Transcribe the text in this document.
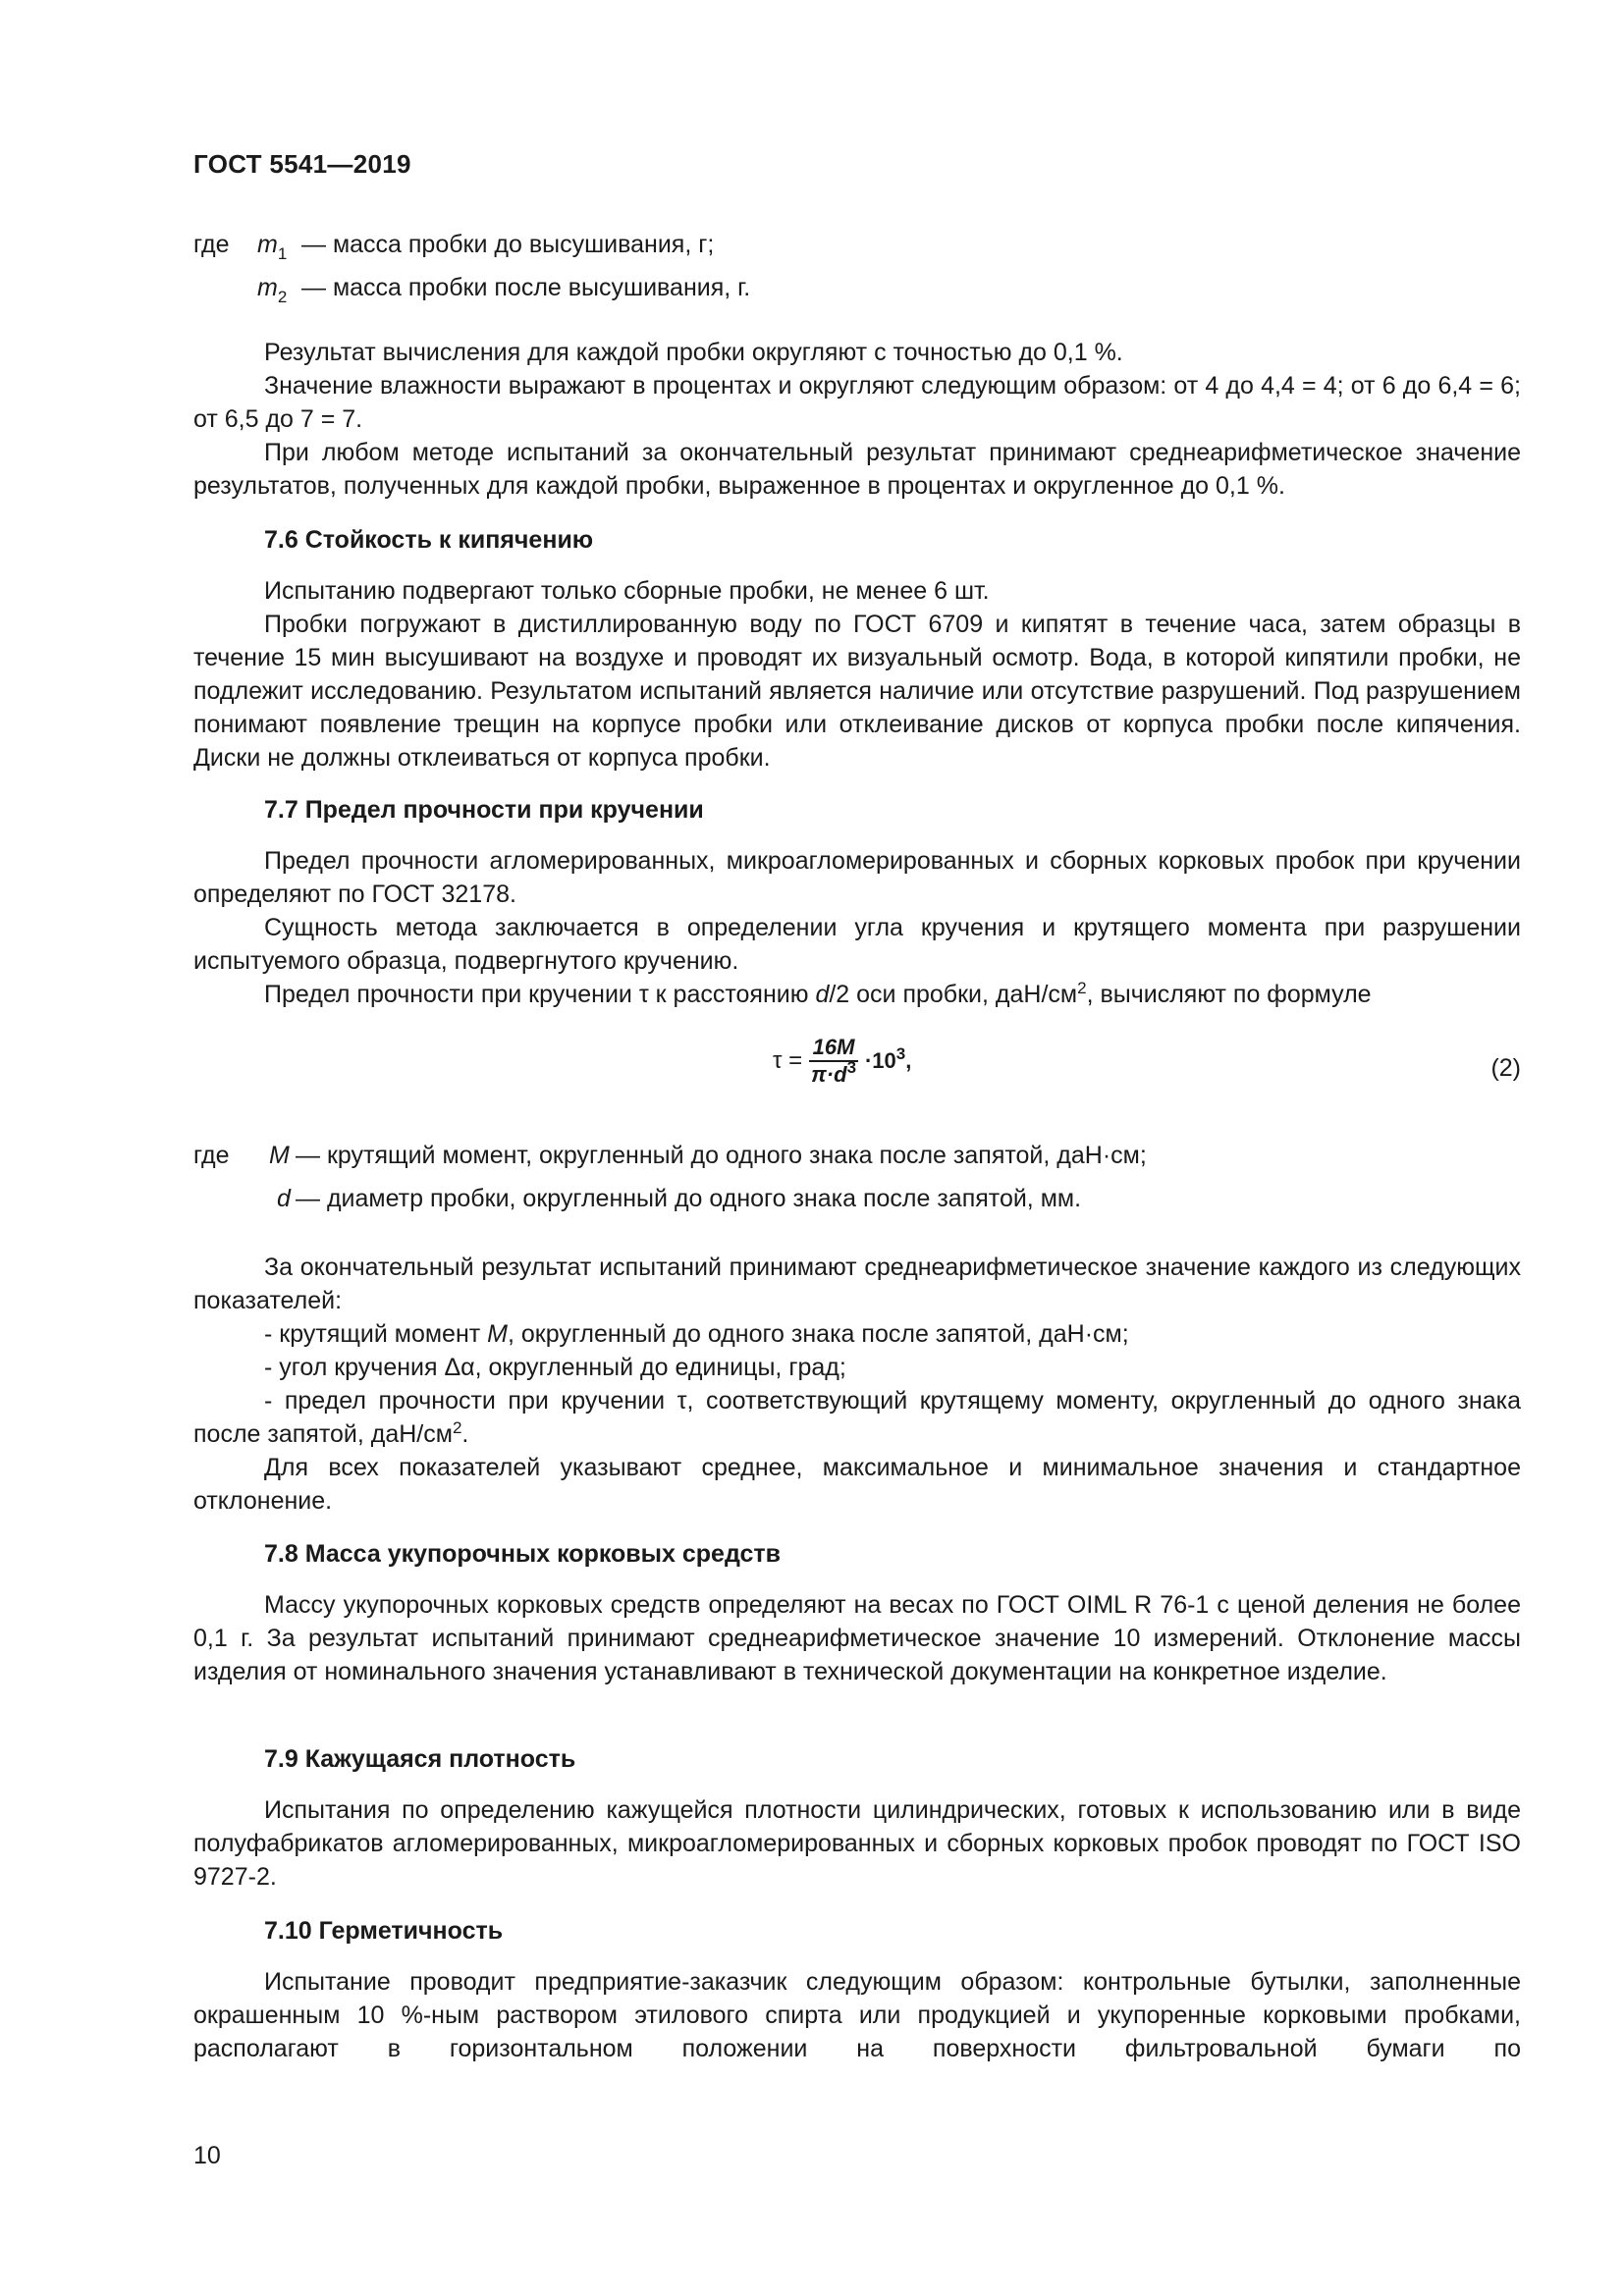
ГОСТ 5541—2019
где $m_1$ — масса пробки до высушивания, г;
$m_2$ — масса пробки после высушивания, г.

Результат вычисления для каждой пробки округляют с точностью до 0,1 %.

Значение влажности выражают в процентах и округляют следующим образом: от 4 до 4,4 = 4; от 6 до 6,4 = 6; от 6,5 до 7 = 7.

При любом методе испытаний за окончательный результат принимают среднеарифметическое значение результатов, полученных для каждой пробки, выраженное в процентах и округленное до 0,1 %.

7.6 Стойкость к кипячению

Испытанию подвергают только сборные пробки, не менее 6 шт.

Пробки погружают в дистиллированную воду по ГОСТ 6709 и кипятят в течение часа, затем образцы в течение 15 мин высушивают на воздухе и проводят их визуальный осмотр. Вода, в которой кипятили пробки, не подлежит исследованию. Результатом испытаний является наличие или отсутствие разрушений. Под разрушением понимают появление трещин на корпусе пробки или отклеивание дисков от корпуса пробки после кипячения. Диски не должны отклеиваться от корпуса пробки.

7.7 Предел прочности при кручении

Предел прочности агломерированных, микроагломерированных и сборных корковых пробок при кручении определяют по ГОСТ 32178.

Сущность метода заключается в определении угла кручения и крутящего момента при разрушении испытуемого образца, подвергнутого кручению.

Предел прочности при кручении τ к расстоянию d/2 оси пробки, даН/$см^2$, вычисляют по формуле

$\tau = \frac{16M}{\pi\cdot d^3} \cdot 10^3$,	(2)
где M — крутящий момент, округленный до одного знака после запятой, даН·см;
d — диаметр пробки, округленный до одного знака после запятой, мм.

За окончательный результат испытаний принимают среднеарифметическое значение каждого из следующих показателей:

- крутящий момент M, округленный до одного знака после запятой, даН·см;

- угол кручения Δα, округленный до единицы, град;

- предел прочности при кручении τ, соответствующий крутящему моменту, округленный до одного знака после запятой, даН/$см^2$.

Для всех показателей указывают среднее, максимальное и минимальное значения и стандартное отклонение.

7.8 Масса укупорочных корковых средств

Массу укупорочных корковых средств определяют на весах по ГОСТ OIML R 76-1 с ценой деления не более 0,1 г. За результат испытаний принимают среднеарифметическое значение 10 измерений. Отклонение массы изделия от номинального значения устанавливают в технической документации на конкретное изделие.

7.9 Кажущаяся плотность

Испытания по определению кажущейся плотности цилиндрических, готовых к использованию или в виде полуфабрикатов агломерированных, микроагломерированных и сборных корковых пробок проводят по ГОСТ ISO 9727-2.

7.10 Герметичность

Испытание проводит предприятие-заказчик следующим образом: контрольные бутылки, заполненные окрашенным 10 %-ным раствором этилового спирта или продукцией и укупоренные корковыми пробками, располагают в горизонтальном положении на поверхности фильтровальной бумаги по

10
